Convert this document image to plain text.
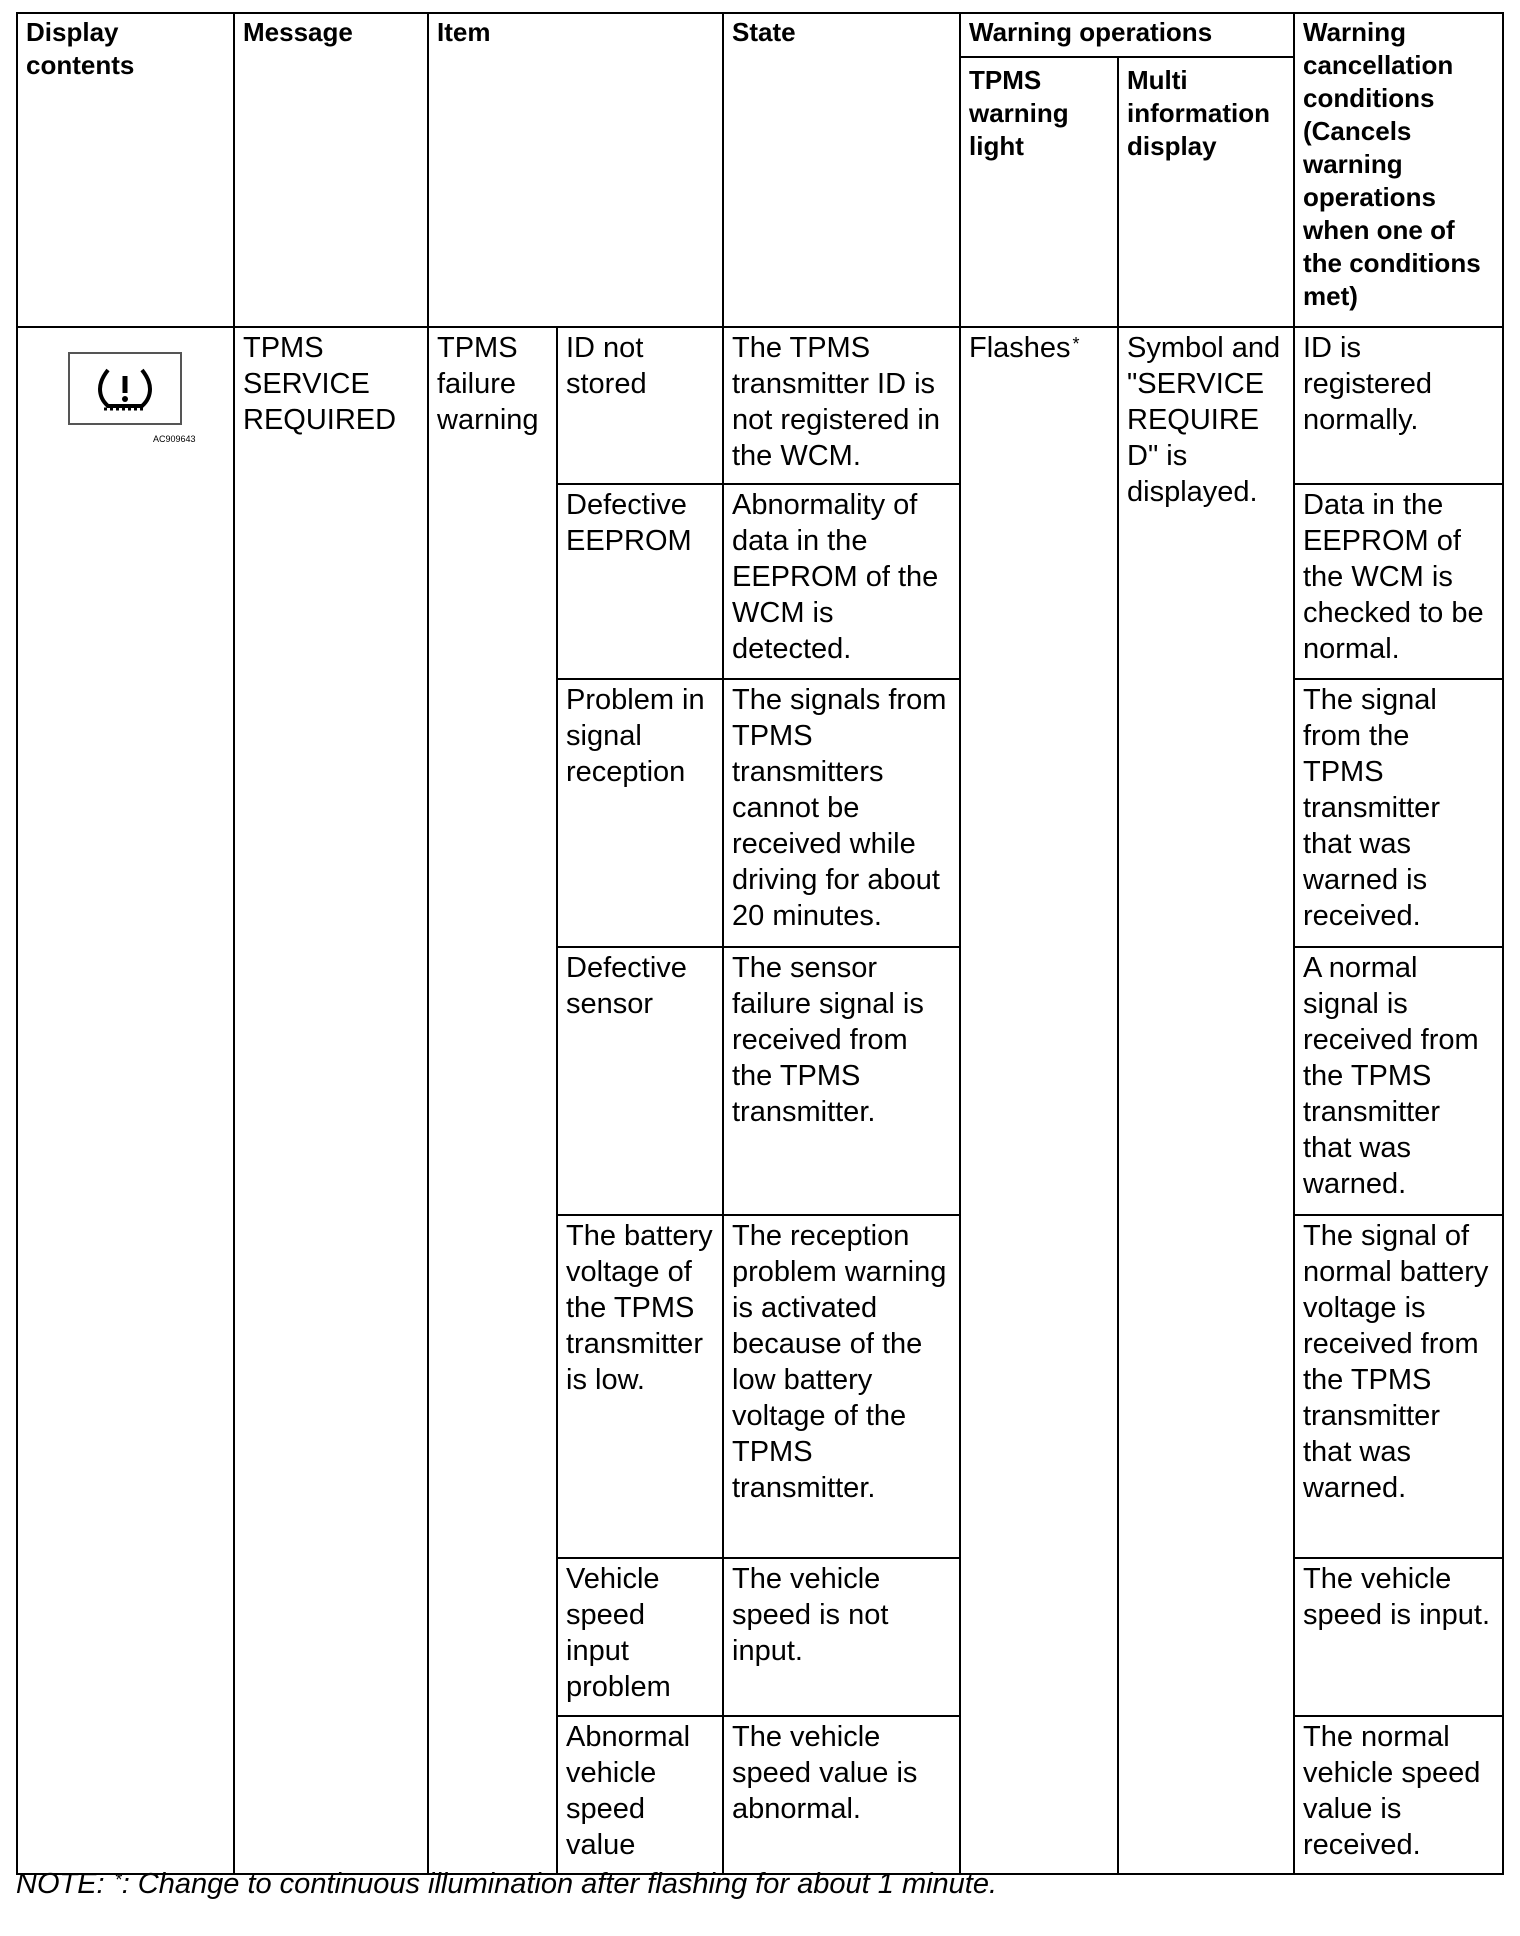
Display contents	Message	Item		State	Warning operations		Warning cancellation conditions (Cancels warning operations when one of the conditions met)
					TPMS warning light	Multi information display	

AC909643	TPMS SERVICE REQUIRED	TPMS failure warning	ID not stored	The TPMS transmitter ID is not registered in the WCM.	Flashes *	Symbol and "SERVICE REQUIRE D" is displayed.	ID is registered normally.
			Defective EEPROM	Abnormality of data in the EEPROM of the WCM is detected.			Data in the EEPROM of the WCM is checked to be normal.
			Problem in signal reception	The signals from TPMS transmitters cannot be received while driving for about 20 minutes.			The signal from the TPMS transmitter that was warned is received.
			Defective sensor	The sensor failure signal is received from the TPMS transmitter.			A normal signal is received from the TPMS transmitter that was warned.
			The battery voltage of the TPMS transmitter is low.	The reception problem warning is activated because of the low battery voltage of the TPMS transmitter.			The signal of normal battery voltage is received from the TPMS transmitter that was warned.
			Vehicle speed input problem	The vehicle speed is not input.			The vehicle speed is input.
			Abnormal vehicle speed value	The vehicle speed value is abnormal.			The normal vehicle speed value is received.
NOTE: *: Change to continuous illumination after flashing for about 1 minute.
